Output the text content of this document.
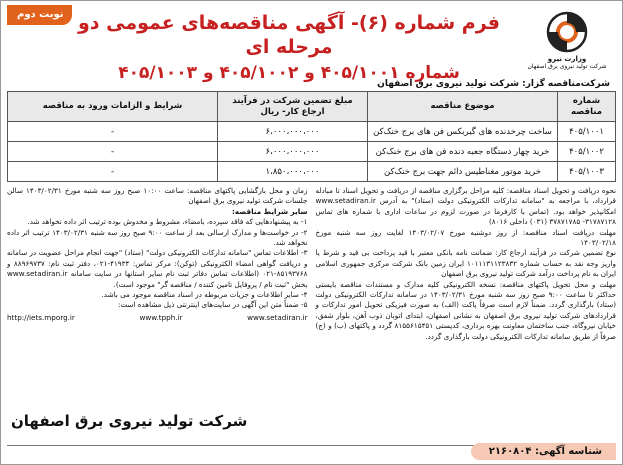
نوبت دوم فرم شماره (۶)- آگهی مناقصه‌های عمومی دو مرحله ای
شماره ۴۰۵/۱۰۰۱ و ۴۰۵/۱۰۰۲ و ۴۰۵/۱۰۰۳
وزارت نیرو
شرکت تولید نیروی برق اصفهان
شرکت‌مناقصه گزار: شرکت تولید نیروی برق اصفهان
شماره مناقصه	موضوع مناقصه	مبلغ تضمین شرکت در فرآیند ارجاع کار- ریال	شرایط و الزامات ورود به مناقصه
۴۰۵/۱۰۰۱	ساخت چرخدنده های گیربکس فن های برج خنک‌کن	۶،۰۰۰،۰۰۰،۰۰۰	-
۴۰۵/۱۰۰۲	خرید چهار دستگاه جعبه دنده فن های برج خنک‌کن	۶،۰۰۰،۰۰۰،۰۰۰	-
۴۰۵/۱۰۰۳	خرید موتور مغناطیس دائم جهت برج خنک‌کن	۱،۸۵۰،۰۰۰،۰۰۰	-

نحوه دریافت و تحویل اسناد مناقصه: کلیه مراحل برگزاری مناقصه از دریافت و تحویل اسناد تا مبادله قرارداد، با مراجعه به "سامانه تدارکات الکترونیکی دولت (ستاد)" به آدرس www.setadiran.ir امکانپذیر خواهد بود. (تماس با کارفرما در صورت لزوم در ساعات اداری با شماره های تماس ۳۱۷۸۷۱۲۸- ۳۷۸۷۱۷۸۵ (۰۳۱) داخلی ۸۰۱۶)

مهلت دریافت اسناد مناقصه: از روز دوشنبه مورخ ۱۴۰۳/۰۲/۰۷ لغایت روز سه شنبه مورخ ۱۴۰۳/۰۲/۱۸

نوع تضمین شرکت در فرآیند ارجاع کار: ضمانت نامه بانکی معتبر با قید پرداخت بی قید و شرط یا واریز وجه نقد به حساب شماره ۱۰۱۱۱۳۱۱۲۳۸۳۲ ایران زمین بانک شرکت مرکزی جمهوری اسلامی ایران به نام پرداخت درآمد شرکت تولید نیروی برق اصفهان

مهلت و محل تحویل پاکتهای مناقصه: نسخه الکترونیکی کلیه مدارک و مستندات مناقصه بایستی حداکثر تا ساعت ۹:۰۰ صبح روز سه شنبه مورخ ۱۴۰۳/۰۲/۳۱ در سامانه تدارکات الکترونیکی دولت (ستاد) بارگذاری گردد. ضمناً لازم است صرفاً پاکت (الف) به صورت فیزیکی تحویل امور تدارکات و قراردادهای شرکت تولید نیروی برق اصفهان به نشانی اصفهان، ابتدای اتوبان ذوب آهن، بلوار شفق، خیابان نیروگاه، جنب ساختمان معاونت بهره برداری، کدپستی ۸۱۵۵۶۱۵۴۵۱ گردد و پاکتهای (ب) و (ج) صرفاً از طریق سامانه تدارکات الکترونیکی دولت بارگذاری گردد.

زمان و محل بازگشایی پاکتهای مناقصه: ساعت ۱۰:۰۰ صبح روز سه شنبه مورخ ۱۴۰۳/۰۲/۳۱ سالن جلسات شرکت تولید نیروی برق اصفهان

سایر شرایط مناقصه:

۱- به پیشنهادهایی که فاقد سپرده، بامضاء، مشروط و مخدوش بوده ترتیب اثر داده نخواهد شد.

۲- در خواست‌ها و مدارک ارسالی بعد از ساعت ۹:۰۰ صبح روز سه شنبه ۱۴۰۳/۰۲/۳۱ ترتیب اثر داده نخواهد شد.

۳- اطلاعات تماس "سامانه تدارکات الکترونیکی دولت" (ستاد) "جهت انجام مراحل عضویت در سامانه و دریافت گواهی امضاء الکترونیکی (توکن): مرکز تماس: ۴۱۹۳۴-۰۲۱، دفتر ثبت نام: ۸۸۹۶۹۷۳۷ و ۸۵۱۹۳۷۶۸-۰۲۱ (اطلاعات تماس دفاتر ثبت نام سایر استانها در سایت سامانه www.setadiran.ir بخش "ثبت نام / پروفایل تامین کننده / مناقصه گر" موجود است).

۴- سایر اطلاعات و جزیات مربوطه در اسناد مناقصه موجود می باشد.

۵- ضمناً متن این آگهی در سایت‌های اینترنتی ذیل مشاهده است:

http://iets.mporg.ir	www.tpph.ir	www.setadiran.ir

شرکت تولید نیروی برق اصفهان
شناسه آگهی: ۲۱۶۰۸۰۴
